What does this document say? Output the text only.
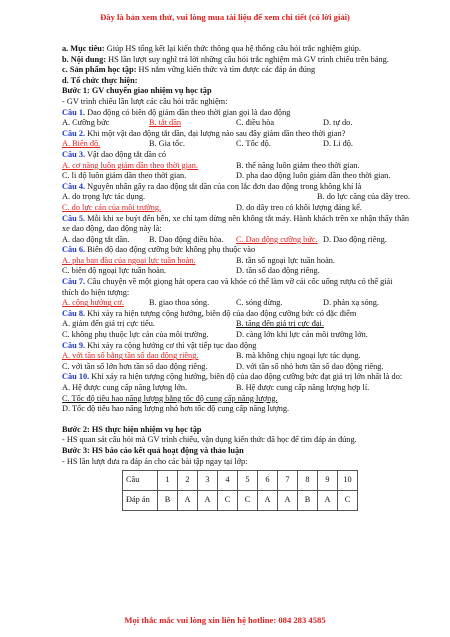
Đây là bản xem thử, vui lòng mua tài liệu để xem chi tiết (có lời giải)
a. Mục tiêu: Giúp HS tổng kết lại kiến thức thông qua hệ thống câu hỏi trắc nghiệm giúp.
b. Nội dung: HS lần lượt suy nghĩ trả lời những câu hỏi trắc nghiệm mà GV trình chiếu trên bảng.
c. Sản phẩm học tập: HS nắm vững kiến thức và tìm được các đáp án đúng
d. Tổ chức thực hiện:
Bước 1: GV chuyển giao nhiệm vụ học tập
- GV trình chiếu lần lượt các câu hỏi trắc nghiệm:
Câu 1. Dao động có biên độ giảm dần theo thời gian gọi là dao động
A. Cưỡng bức	B. tắt dần	C. điều hòa	D. tự do.
Câu 2. Khi một vật dao động tắt dần, đại lượng nào sau đây giảm dần theo thời gian?
A. Biên độ.	B. Gia tốc.	C. Tốc độ.	D. Li độ.
Câu 3. Vật dao động tắt dần có
A. cơ năng luôn giảm dần theo thời gian.	B. thế năng luôn giảm theo thời gian.
C. li độ luôn giảm dần theo thời gian.	D. pha dao động luôn giảm dần theo thời gian.
Câu 4. Nguyên nhân gây ra dao động tắt dần của con lắc đơn dao động trong không khí là
A. do trọng lực tác dụng.	B. do lực căng của dây treo.
C. do lực cản của môi trường.	D. do dây treo có khối lượng đáng kể.
Câu 5. Mỗi khi xe buýt đến bến, xe chỉ tạm dừng nên không tắt máy. Hành khách trên xe nhận thấy thân xe dao động, dao động này là:
A. dao động tắt dần.	B. Dao động điều hòa.	C. Dao động cưỡng bức. D. Dao động riêng.
Câu 6. Biên độ dao động cưỡng bức không phụ thuộc vào
A. pha ban đầu của ngoại lực tuần hoàn.	B. tần số ngoại lực tuần hoàn.
C. biên độ ngoại lực tuần hoàn.	D. tần số dao động riêng.
Câu 7. Câu chuyện về một giọng hát opera cao và khỏe có thể làm vỡ cái cốc uống rượu có thể giải thích do hiện tượng:
A. cộng hưởng cơ.	B. giao thoa sóng.	C. sóng dừng.	D. phản xạ sóng.
Câu 8. Khi xảy ra hiện tượng cộng hưởng, biên độ của dao động cưỡng bức có đặc điểm
A. giảm đến giá trị cực tiểu.	B. tăng đến giá trị cực đại.
C. không phụ thuộc lực cản của môi trường.	D. càng lớn khi lực cản môi trường lớn.
Câu 9. Khi xảy ra cộng hưởng cơ thì vật tiếp tục dao động
A. với tần số bằng tần số dao động riêng.	B. mà không chịu ngoại lực tác dụng.
C. với tần số lớn hơn tần số dao động riêng.	D. với tần số nhỏ hơn tần số dao động riêng.
Câu 10. Khi xảy ra hiện tượng cộng hưởng, biên độ của dao động cưỡng bức đạt giá trị lớn nhất là do:
A. Hệ được cung cấp năng lượng lớn.	B. Hệ được cung cấp năng lượng hợp lí.
C. Tốc độ tiêu hao năng lượng bằng tốc độ cung cấp năng lượng.
D. Tốc độ tiêu hao năng lượng nhỏ hơn tốc độ cung cấp năng lượng.
Bước 2: HS thực hiện nhiệm vụ học tập
- HS quan sát câu hỏi mà GV trình chiếu, vận dụng kiến thức đã học để tìm đáp án đúng.
Bước 3: HS báo cáo kết quả hoạt động và thảo luận
- HS lần lượt đưa ra đáp án cho các bài tập ngay tại lớp:
Câu	1	2	3	4	5	6	7	8	9	10
Đáp án	B	A	A	C	C	A	A	B	A	C
Mọi thắc mắc vui lòng xin liên hệ hotline: 084 283 4585
